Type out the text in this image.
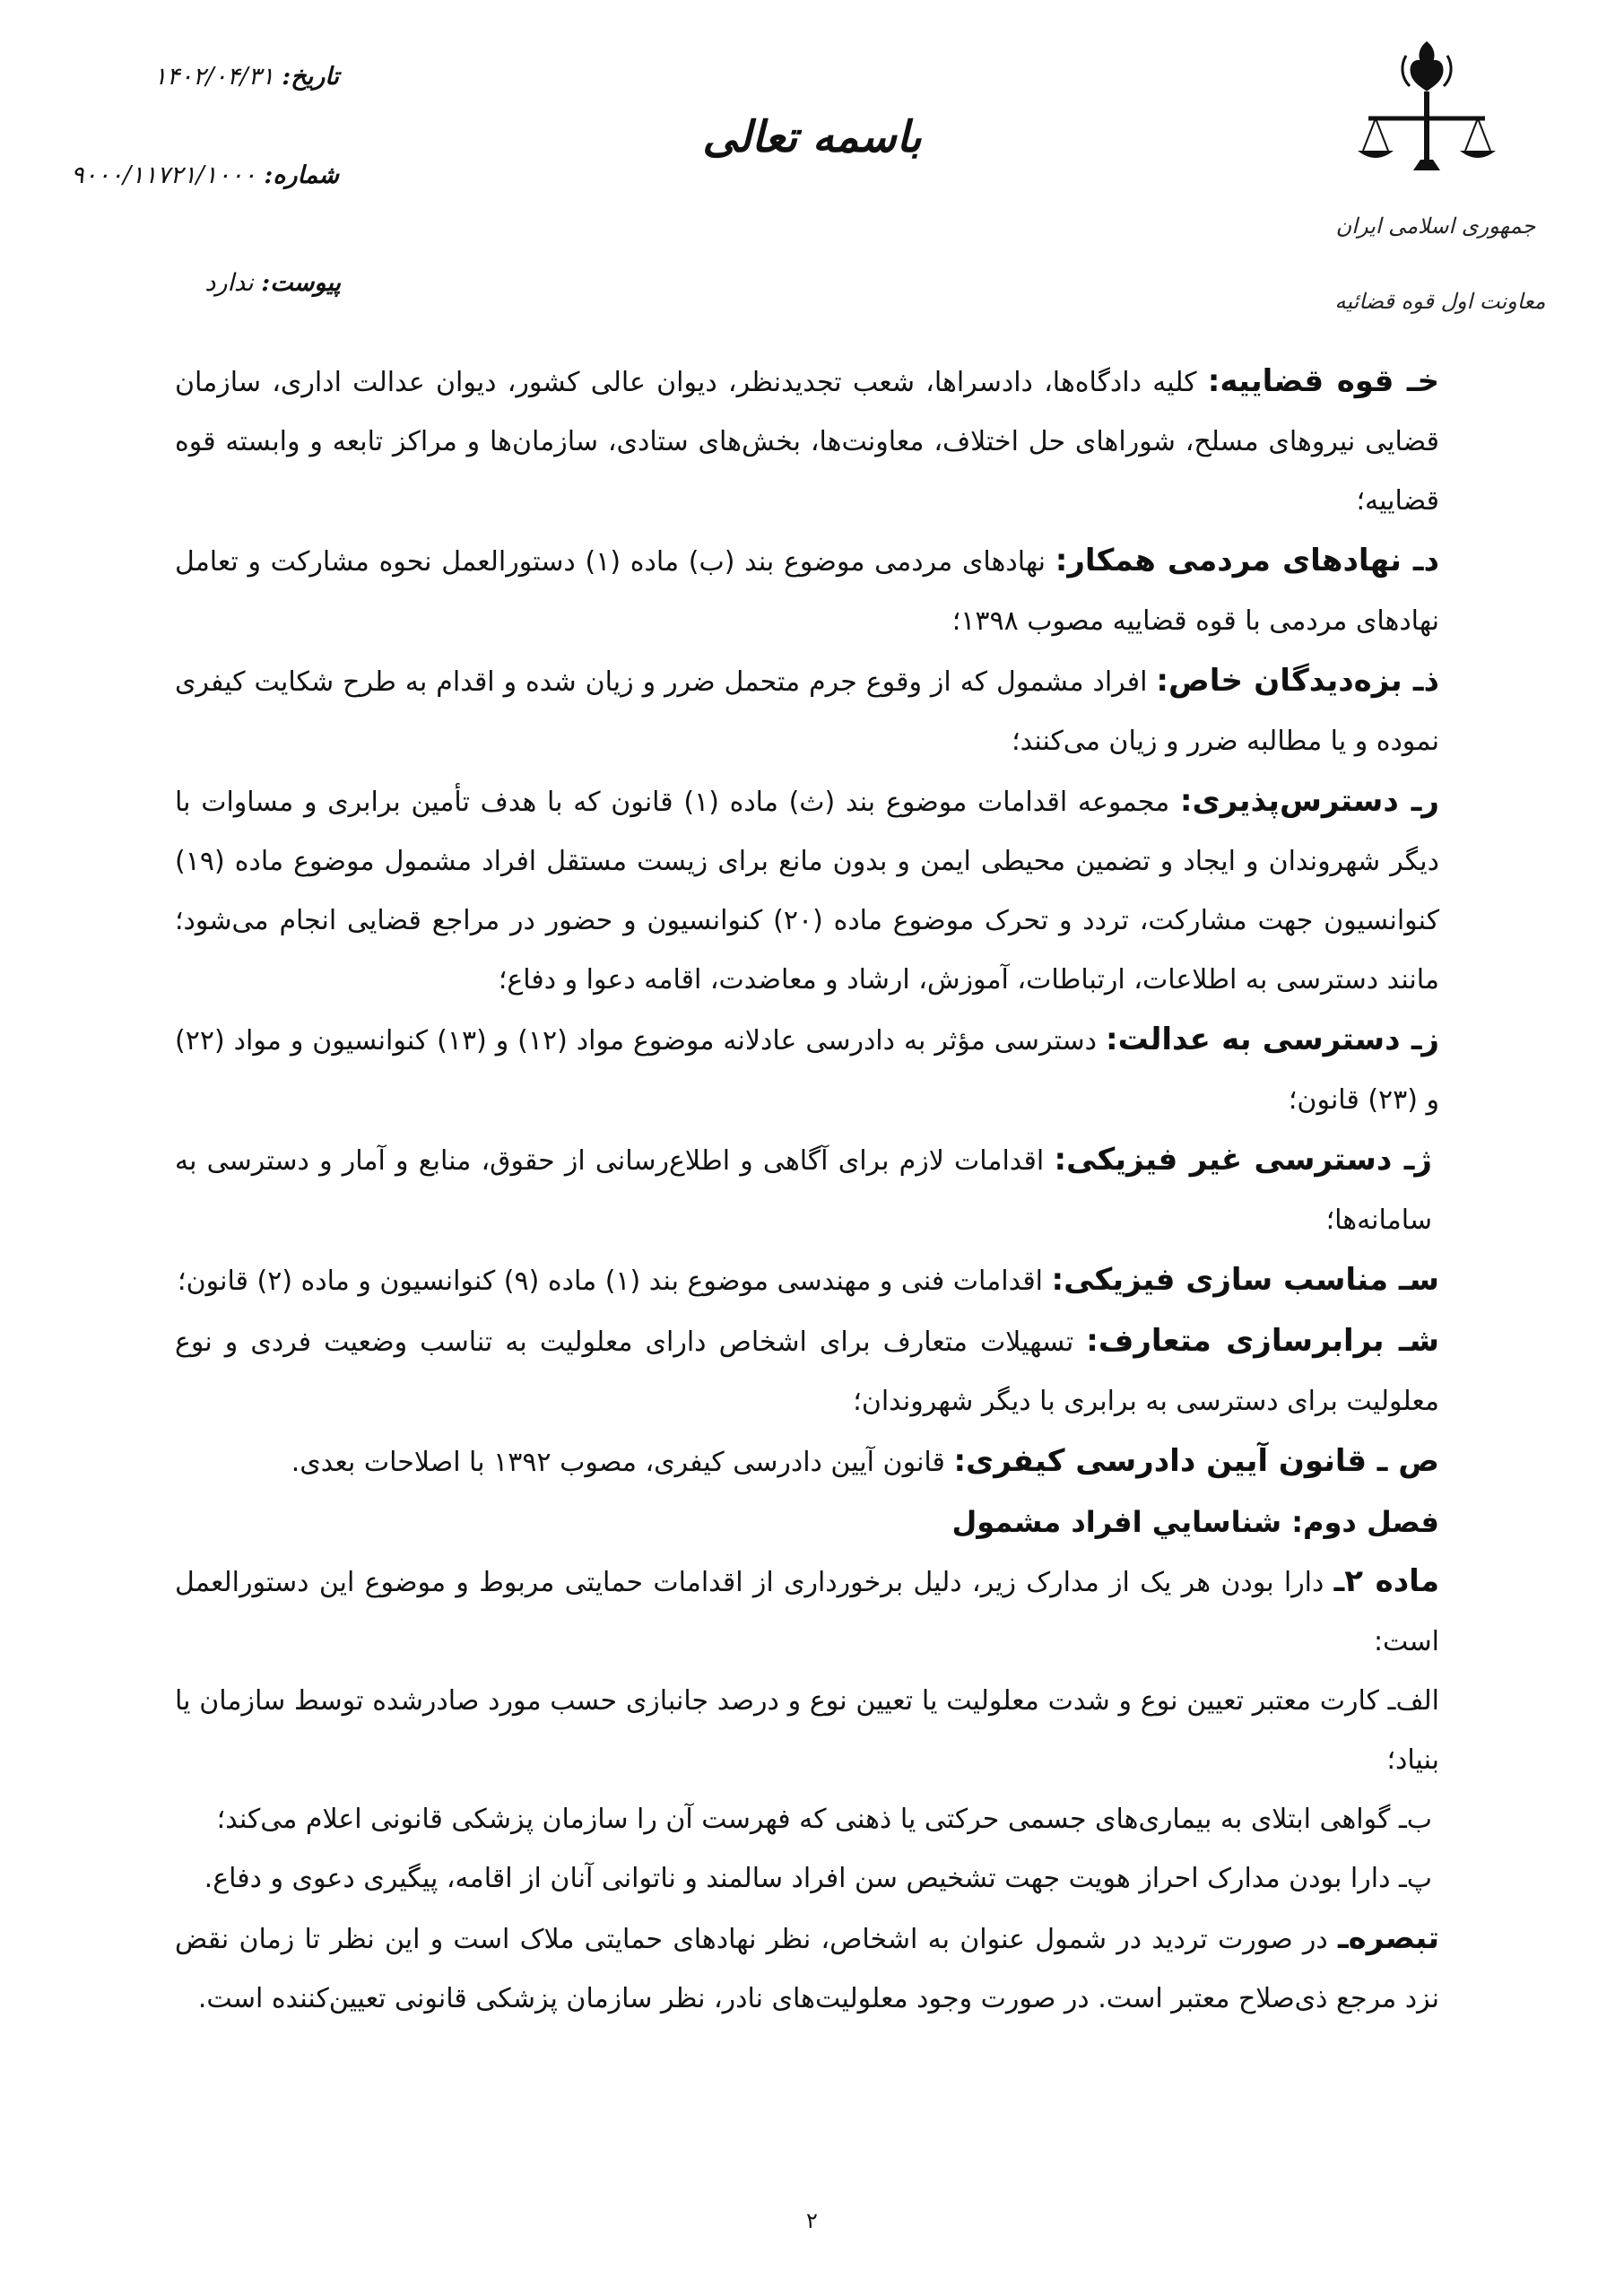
جمهوری اسلامی ایران
معاونت اول قوه قضائیه
باسمه تعالی
تاریخ: ۱۴۰۲/۰۴/۳۱
شماره: ۹۰۰۰/۱۱۷۲۱/۱۰۰۰
پیوست: ندارد

خـ قوه قضاییه: کلیه دادگاه‌ها، دادسراها، شعب تجدیدنظر، دیوان عالی کشور، دیوان عدالت اداری، سازمان قضایی نیروهای مسلح، شوراهای حل اختلاف، معاونت‌ها، بخش‌های ستادی، سازمان‌ها و مراکز تابعه و وابسته قوه قضاییه؛

دـ نهادهای مردمی همکار: نهادهای مردمی موضوع بند (ب) ماده (۱) دستورالعمل نحوه مشارکت و تعامل نهادهای مردمی با قوه قضاییه مصوب ۱۳۹۸؛

ذـ بزه‌دیدگان خاص: افراد مشمول که از وقوع جرم متحمل ضرر و زیان شده و اقدام به طرح شکایت کیفری نموده و یا مطالبه ضرر و زیان می‌کنند؛

رـ دسترس‌پذیری: مجموعه اقدامات موضوع بند (ث) ماده (۱) قانون که با هدف تأمین برابری و مساوات با دیگر شهروندان و ایجاد و تضمین محیطی ایمن و بدون مانع برای زیست مستقل افراد مشمول موضوع ماده (۱۹) کنوانسیون جهت مشارکت، تردد و تحرک موضوع ماده (۲۰) کنوانسیون و حضور در مراجع قضایی انجام می‌شود؛ مانند دسترسی به اطلاعات، ارتباطات، آموزش، ارشاد و معاضدت، اقامه دعوا و دفاع؛

زـ دسترسی به عدالت: دسترسی مؤثر به دادرسی عادلانه موضوع مواد (۱۲) و (۱۳) کنوانسیون و مواد (۲۲) و (۲۳) قانون؛

ژـ دسترسی غیر فیزیکی: اقدامات لازم برای آگاهی و اطلاع‌رسانی از حقوق، منابع و آمار و دسترسی به سامانه‌ها؛

سـ مناسب سازی فیزیکی: اقدامات فنی و مهندسی موضوع بند (۱) ماده (۹) کنوانسیون و ماده (۲) قانون؛

شـ برابرسازی متعارف: تسهیلات متعارف برای اشخاص دارای معلولیت به تناسب وضعیت فردی و نوع معلولیت برای دسترسی به برابری با دیگر شهروندان؛

ص ـ قانون آیین دادرسی کیفری: قانون آیین دادرسی کیفری، مصوب ۱۳۹۲ با اصلاحات بعدی.

فصل دوم: شناسايي افراد مشمول

ماده ۲ـ دارا بودن هر یک از مدارک زیر، دلیل برخورداری از اقدامات حمایتی مربوط و موضوع این دستورالعمل است:

الف‌ـ کارت معتبر تعیین نوع و شدت معلولیت یا تعیین نوع و درصد جانبازی حسب مورد صادرشده توسط سازمان یا بنیاد؛

ب‌ـ گواهی ابتلای به بیماری‌های جسمی حرکتی یا ذهنی که فهرست آن را سازمان پزشکی قانونی اعلام می‌کند؛

پ‌ـ دارا بودن مدارک احراز هویت جهت تشخیص سن افراد سالمند و ناتوانی آنان از اقامه، پیگیری دعوی و دفاع.

تبصره‌ـ در صورت تردید در شمول عنوان به اشخاص، نظر نهادهای حمایتی ملاک است و این نظر تا زمان نقض نزد مرجع ذی‌صلاح معتبر است. در صورت وجود معلولیت‌های نادر، نظر سازمان پزشکی قانونی تعیین‌کننده است.

۲
